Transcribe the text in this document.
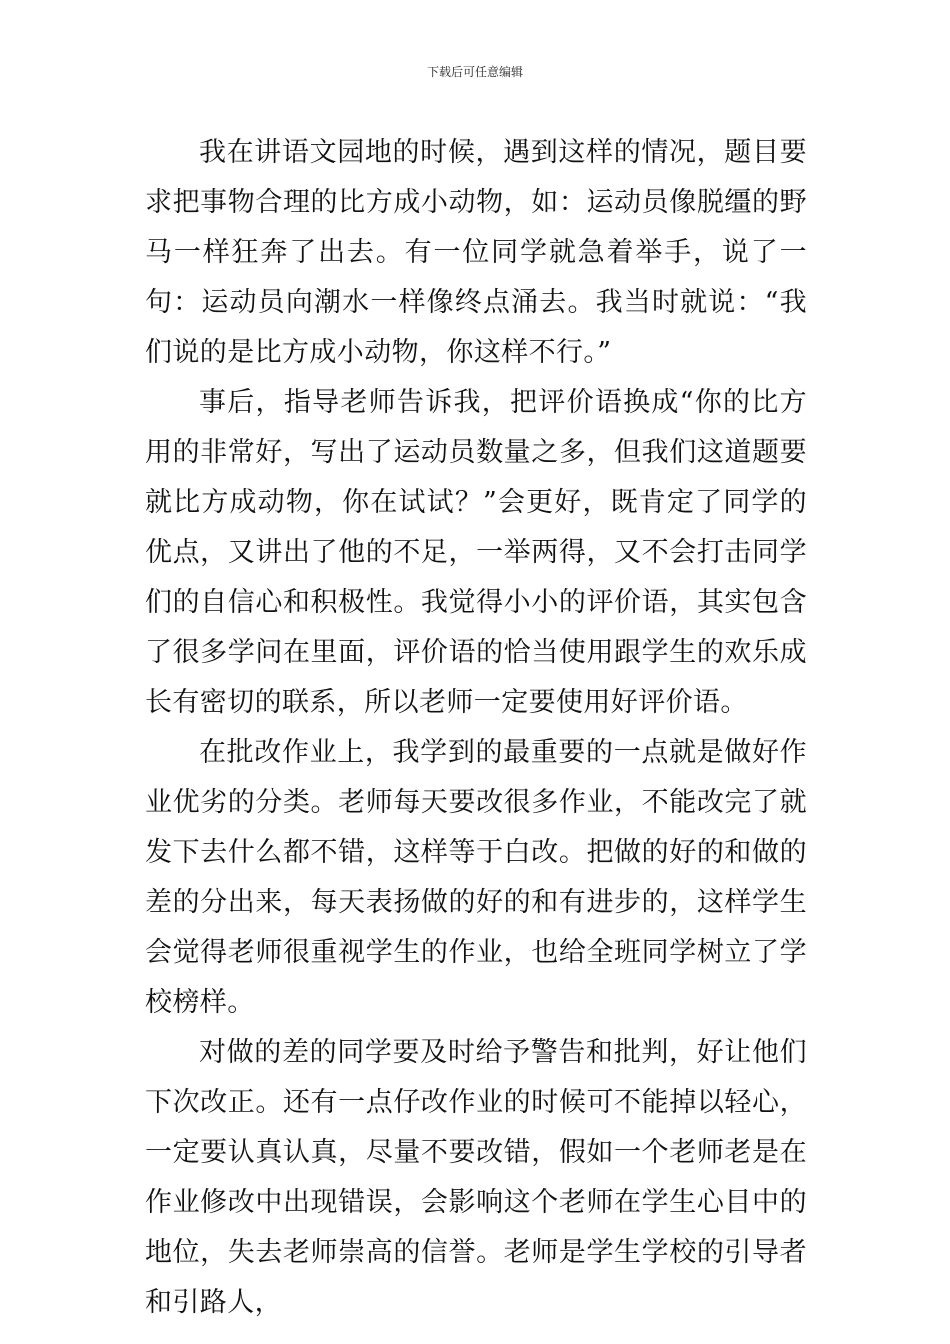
下载后可任意编辑

我在讲语文园地的时候，遇到这样的情况，题目要求把事物合理的比方成小动物，如：运动员像脱缰的野马一样狂奔了出去。有一位同学就急着举手，说了一句：运动员向潮水一样像终点涌去。我当时就说：“我们说的是比方成小动物，你这样不行。”

事后，指导老师告诉我，把评价语换成“你的比方用的非常好，写出了运动员数量之多，但我们这道题要就比方成动物，你在试试？”会更好，既肯定了同学的优点，又讲出了他的不足，一举两得，又不会打击同学们的自信心和积极性。我觉得小小的评价语，其实包含了很多学问在里面，评价语的恰当使用跟学生的欢乐成长有密切的联系，所以老师一定要使用好评价语。

在批改作业上，我学到的最重要的一点就是做好作业优劣的分类。老师每天要改很多作业，不能改完了就发下去什么都不错，这样等于白改。把做的好的和做的差的分出来，每天表扬做的好的和有进步的，这样学生会觉得老师很重视学生的作业，也给全班同学树立了学校榜样。

对做的差的同学要及时给予警告和批判，好让他们下次改正。还有一点仔改作业的时候可不能掉以轻心，一定要认真认真，尽量不要改错，假如一个老师老是在作业修改中出现错误，会影响这个老师在学生心目中的地位，失去老师崇高的信誉。老师是学生学校的引导者和引路人，
